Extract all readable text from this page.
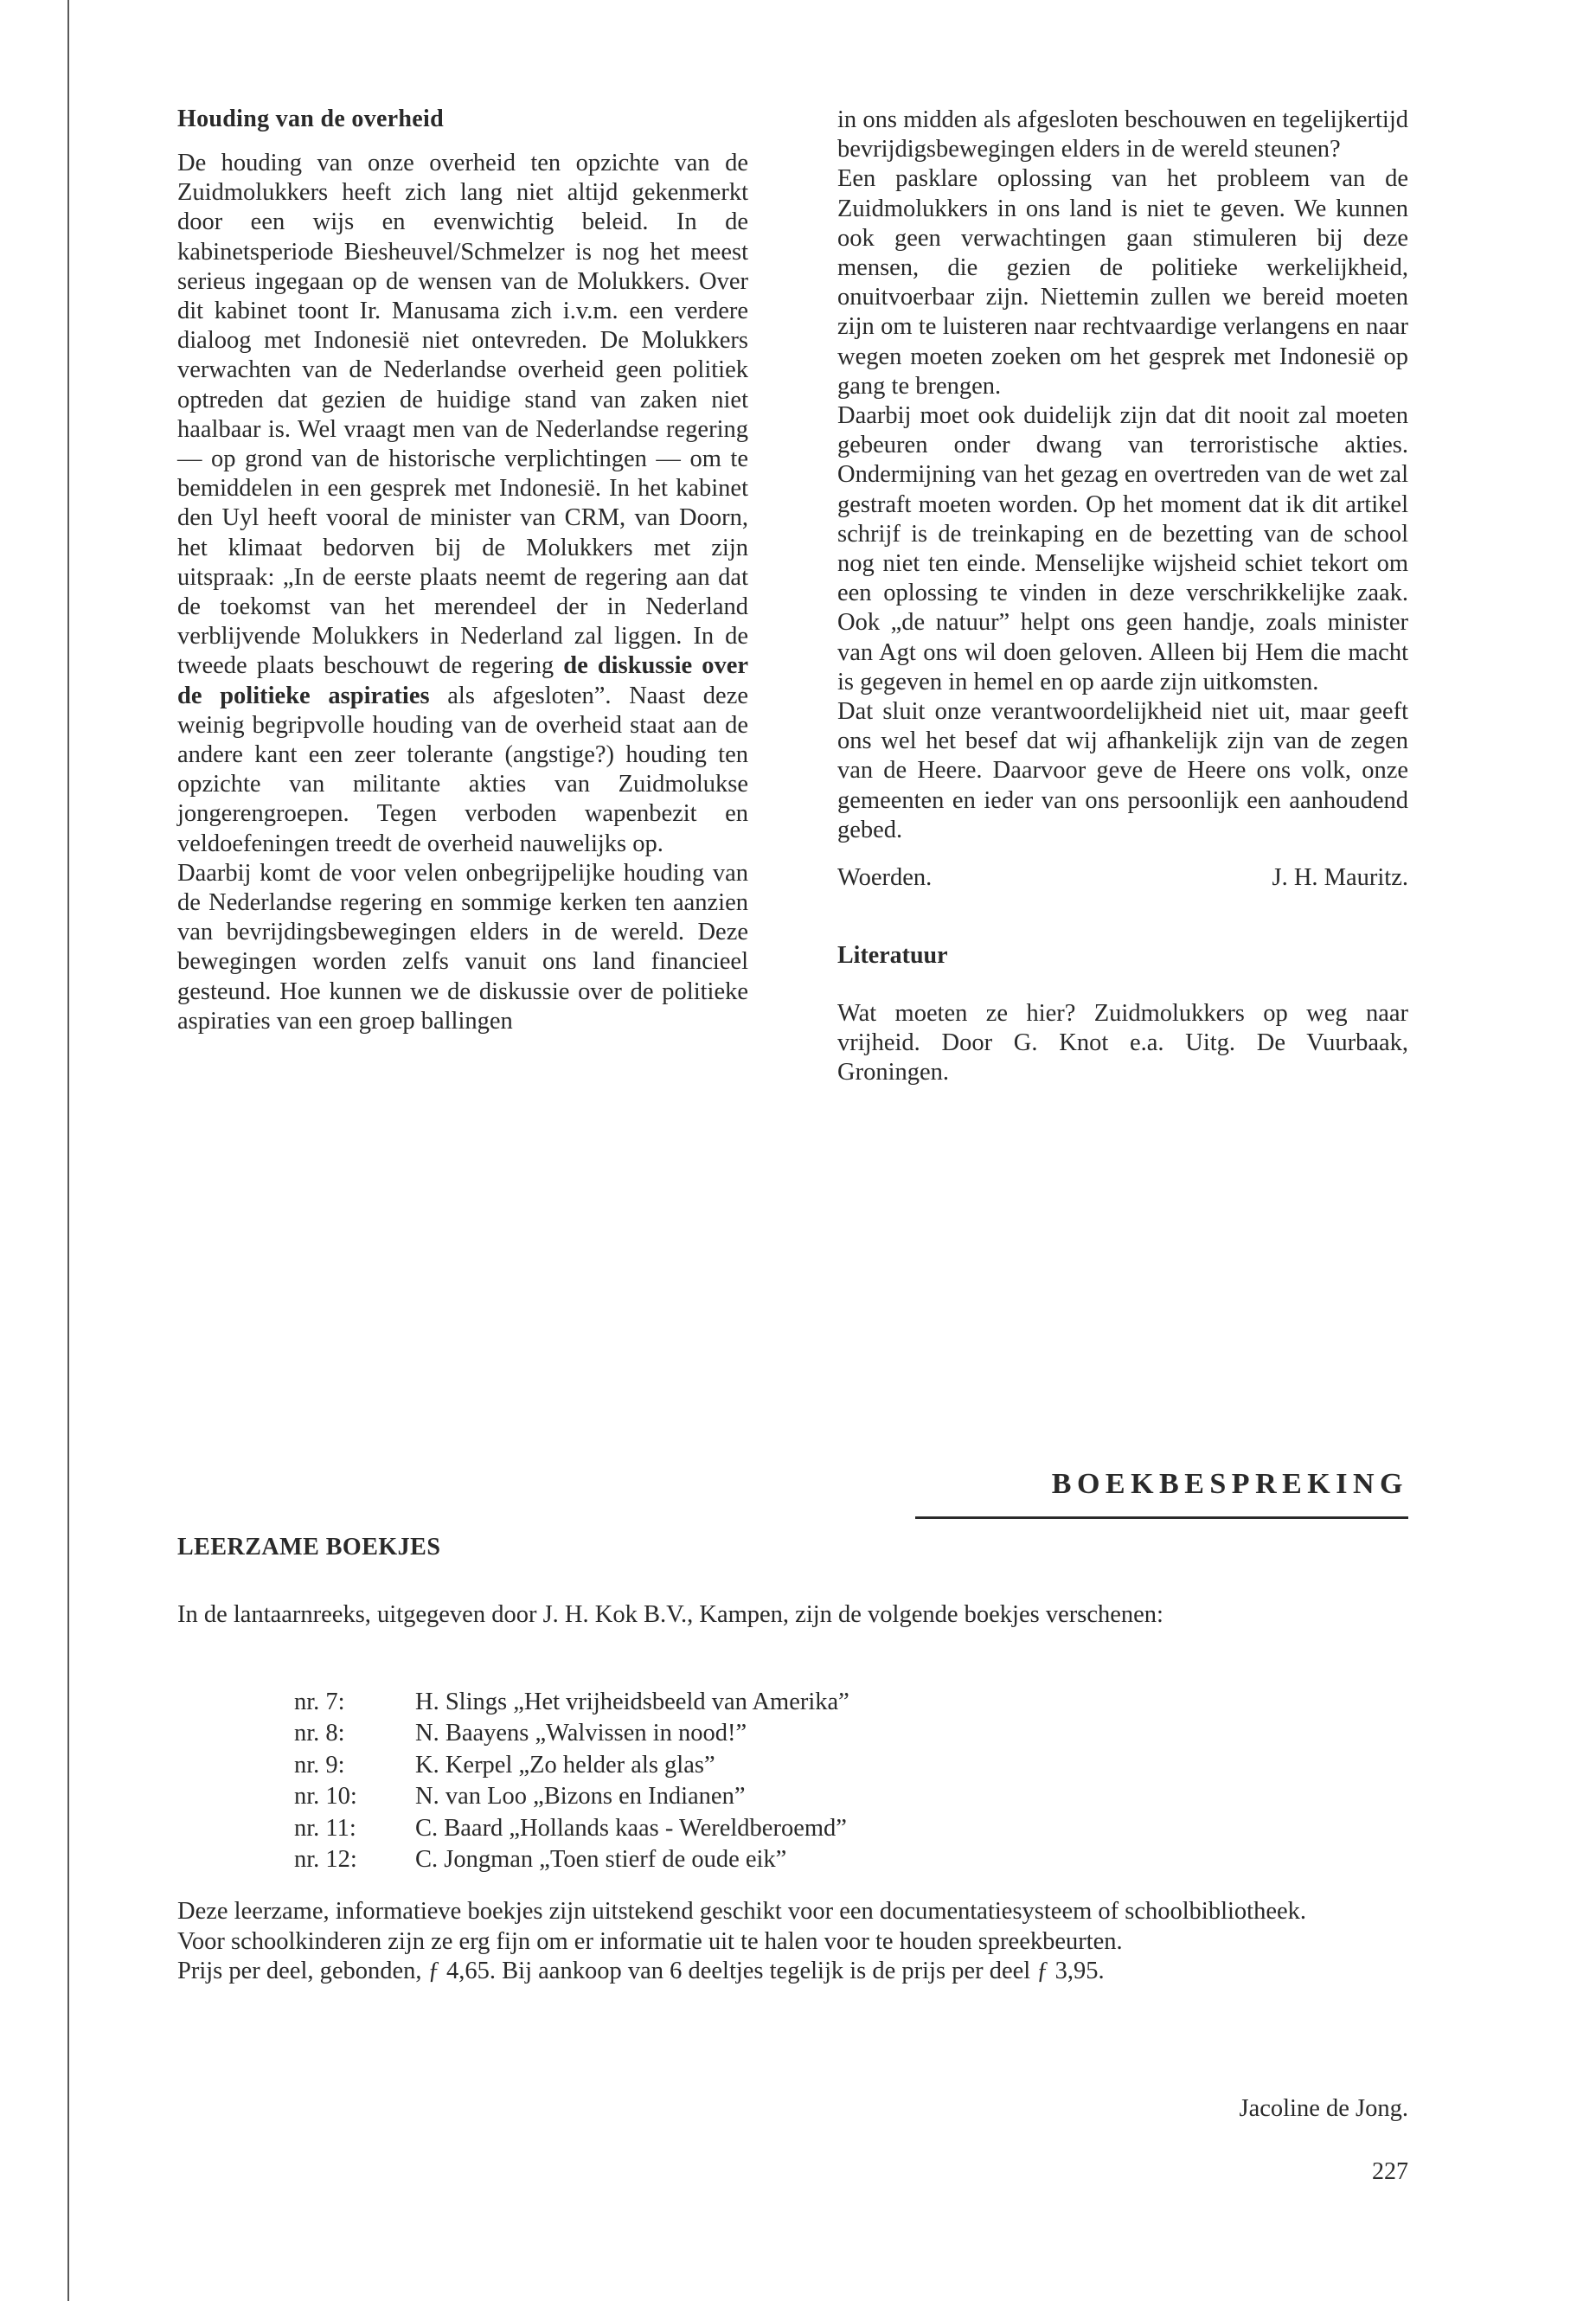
Houding van de overheid

De houding van onze overheid ten opzichte van de Zuidmolukkers heeft zich lang niet altijd gekenmerkt door een wijs en evenwichtig beleid. In de kabinetsperiode Biesheuvel/Schmelzer is nog het meest serieus ingegaan op de wensen van de Molukkers. Over dit kabinet toont Ir. Manusama zich i.v.m. een verdere dialoog met Indonesië niet ontevreden. De Molukkers verwachten van de Nederlandse overheid geen politiek optreden dat gezien de huidige stand van zaken niet haalbaar is. Wel vraagt men van de Nederlandse regering — op grond van de historische verplichtingen — om te bemiddelen in een gesprek met Indonesië. In het kabinet den Uyl heeft vooral de minister van CRM, van Doorn, het klimaat bedorven bij de Molukkers met zijn uitspraak: „In de eerste plaats neemt de regering aan dat de toekomst van het merendeel der in Nederland verblijvende Molukkers in Nederland zal liggen. In de tweede plaats beschouwt de regering de diskussie over de politieke aspiraties als afgesloten”. Naast deze weinig begripvolle houding van de overheid staat aan de andere kant een zeer tolerante (angstige?) houding ten opzichte van militante akties van Zuidmolukse jongerengroepen. Tegen verboden wapenbezit en veldoefeningen treedt de overheid nauwelijks op.

Daarbij komt de voor velen onbegrijpelijke houding van de Nederlandse regering en sommige kerken ten aanzien van bevrijdingsbewegingen elders in de wereld. Deze bewegingen worden zelfs vanuit ons land financieel gesteund. Hoe kunnen we de diskussie over de politieke aspiraties van een groep ballingen

in ons midden als afgesloten beschouwen en tegelijkertijd bevrijdigsbewegingen elders in de wereld steunen?

Een pasklare oplossing van het probleem van de Zuidmolukkers in ons land is niet te geven. We kunnen ook geen verwachtingen gaan stimuleren bij deze mensen, die gezien de politieke werkelijkheid, onuitvoerbaar zijn. Niettemin zullen we bereid moeten zijn om te luisteren naar rechtvaardige verlangens en naar wegen moeten zoeken om het gesprek met Indonesië op gang te brengen.

Daarbij moet ook duidelijk zijn dat dit nooit zal moeten gebeuren onder dwang van terroristische akties. Ondermijning van het gezag en overtreden van de wet zal gestraft moeten worden. Op het moment dat ik dit artikel schrijf is de treinkaping en de bezetting van de school nog niet ten einde. Menselijke wijsheid schiet tekort om een oplossing te vinden in deze verschrikkelijke zaak. Ook „de natuur” helpt ons geen handje, zoals minister van Agt ons wil doen geloven. Alleen bij Hem die macht is gegeven in hemel en op aarde zijn uitkomsten.

Dat sluit onze verantwoordelijkheid niet uit, maar geeft ons wel het besef dat wij afhankelijk zijn van de zegen van de Heere. Daarvoor geve de Heere ons volk, onze gemeenten en ieder van ons persoonlijk een aanhoudend gebed.

Woerden.	J. H. Mauritz.
Literatuur

Wat moeten ze hier? Zuidmolukkers op weg naar vrijheid. Door G. Knot e.a. Uitg. De Vuurbaak, Groningen.

BOEKBESPREKING
LEERZAME BOEKJES

In de lantaarnreeks, uitgegeven door J. H. Kok B.V., Kampen, zijn de volgende boekjes verschenen:

nr. 7:	H. Slings „Het vrijheidsbeeld van Amerika”
nr. 8:	N. Baayens „Walvissen in nood!”
nr. 9:	K. Kerpel „Zo helder als glas”
nr. 10:	N. van Loo „Bizons en Indianen”
nr. 11:	C. Baard „Hollands kaas - Wereldberoemd”
nr. 12:	C. Jongman „Toen stierf de oude eik”

Deze leerzame, informatieve boekjes zijn uitstekend geschikt voor een documentatiesysteem of schoolbibliotheek.

Voor schoolkinderen zijn ze erg fijn om er informatie uit te halen voor te houden spreekbeurten.

Prijs per deel, gebonden, ƒ 4,65. Bij aankoop van 6 deeltjes tegelijk is de prijs per deel ƒ 3,95.

Jacoline de Jong.
227
